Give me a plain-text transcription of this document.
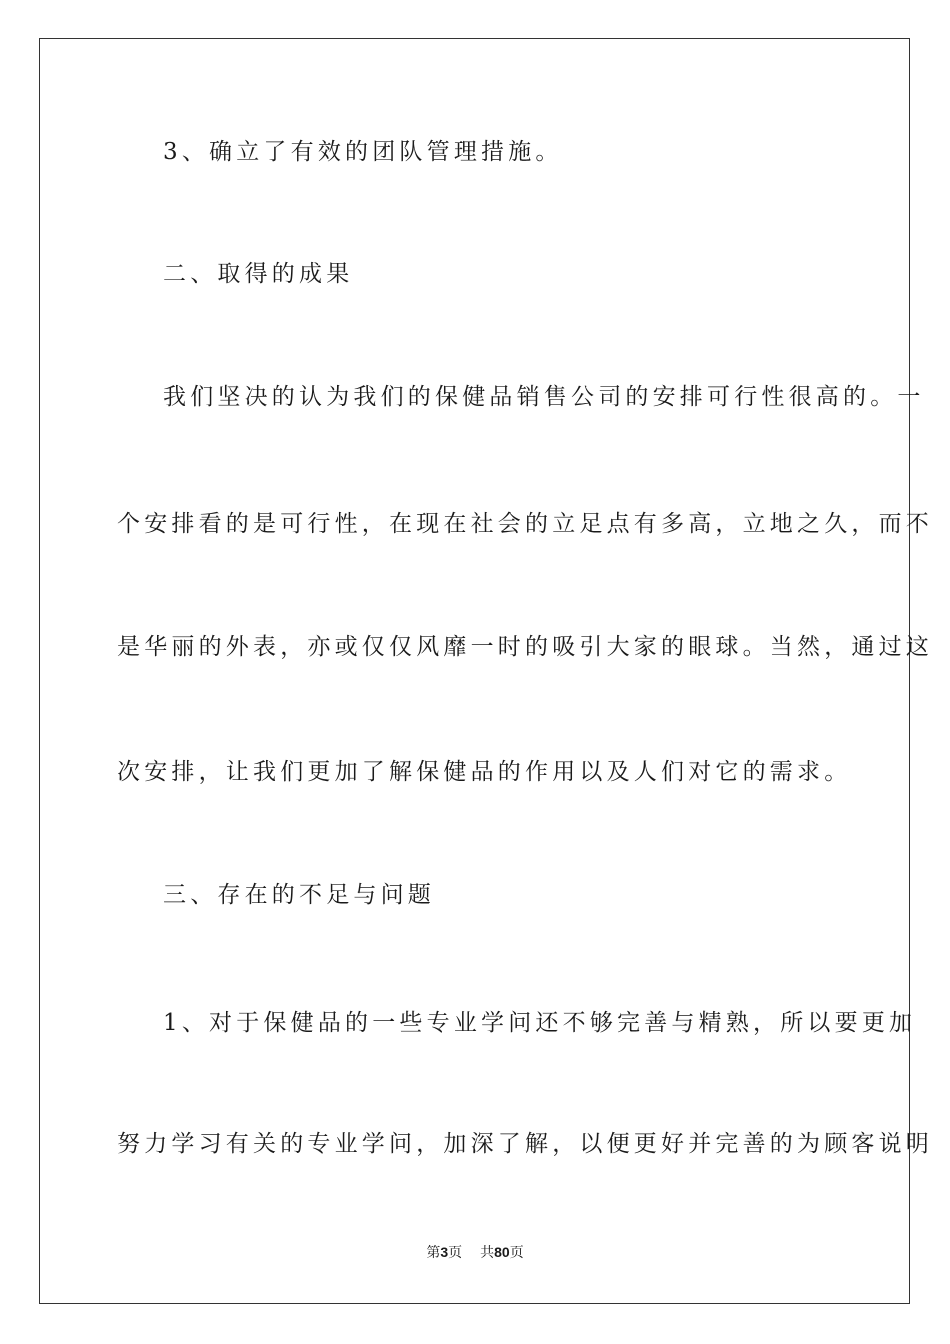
3、确立了有效的团队管理措施。
二、取得的成果
我们坚决的认为我们的保健品销售公司的安排可行性很高的。一
个安排看的是可行性，在现在社会的立足点有多高，立地之久，而不
是华丽的外表，亦或仅仅风靡一时的吸引大家的眼球。当然，通过这
次安排，让我们更加了解保健品的作用以及人们对它的需求。
三、存在的不足与问题
1、对于保健品的一些专业学问还不够完善与精熟，所以要更加
努力学习有关的专业学问，加深了解，以便更好并完善的为顾客说明
第3页 共80页
